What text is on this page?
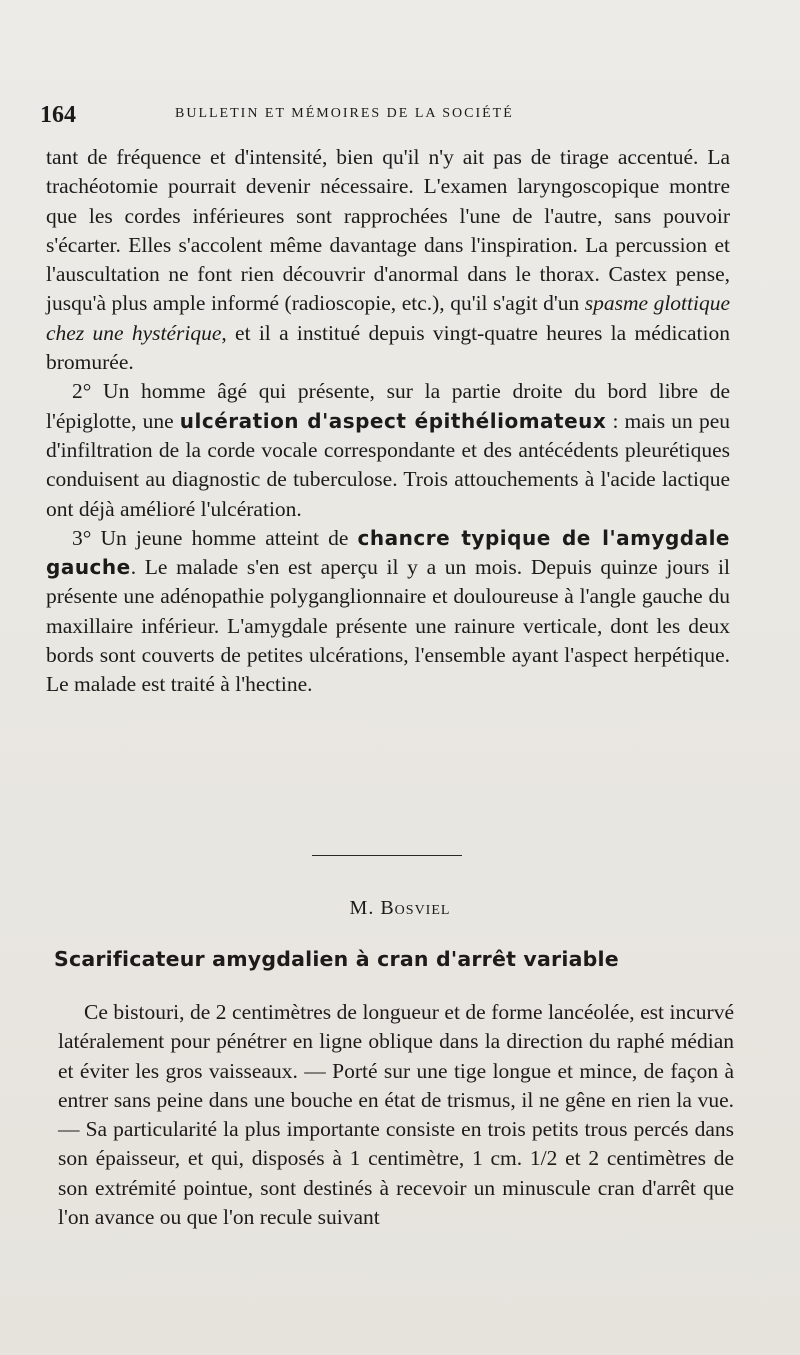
164	BULLETIN ET MÉMOIRES DE LA SOCIÉTÉ

tant de fréquence et d'intensité, bien qu'il n'y ait pas de tirage accentué. La trachéotomie pourrait devenir nécessaire. L'examen laryngoscopique montre que les cordes inférieures sont rapprochées l'une de l'autre, sans pouvoir s'écarter. Elles s'accolent même davantage dans l'inspiration. La percussion et l'auscultation ne font rien découvrir d'anormal dans le thorax. Castex pense, jusqu'à plus ample informé (radioscopie, etc.), qu'il s'agit d'un spasme glottique chez une hystérique, et il a institué depuis vingt-quatre heures la médication bromurée.

2° Un homme âgé qui présente, sur la partie droite du bord libre de l'épiglotte, une ulcération d'aspect épithéliomateux : mais un peu d'infiltration de la corde vocale correspondante et des antécédents pleurétiques conduisent au diagnostic de tuberculose. Trois attouchements à l'acide lactique ont déjà amélioré l'ulcération.

3° Un jeune homme atteint de chancre typique de l'amygdale gauche. Le malade s'en est aperçu il y a un mois. Depuis quinze jours il présente une adénopathie polyganglionnaire et douloureuse à l'angle gauche du maxillaire inférieur. L'amygdale présente une rainure verticale, dont les deux bords sont couverts de petites ulcérations, l'ensemble ayant l'aspect herpétique. Le malade est traité à l'hectine.

M. Bosviel
Scarificateur amygdalien à cran d'arrêt variable

Ce bistouri, de 2 centimètres de longueur et de forme lancéolée, est incurvé latéralement pour pénétrer en ligne oblique dans la direction du raphé médian et éviter les gros vaisseaux. — Porté sur une tige longue et mince, de façon à entrer sans peine dans une bouche en état de trismus, il ne gêne en rien la vue. — Sa particularité la plus importante consiste en trois petits trous percés dans son épaisseur, et qui, disposés à 1 centimètre, 1 cm. 1/2 et 2 centimètres de son extrémité pointue, sont destinés à recevoir un minuscule cran d'arrêt que l'on avance ou que l'on recule suivant
